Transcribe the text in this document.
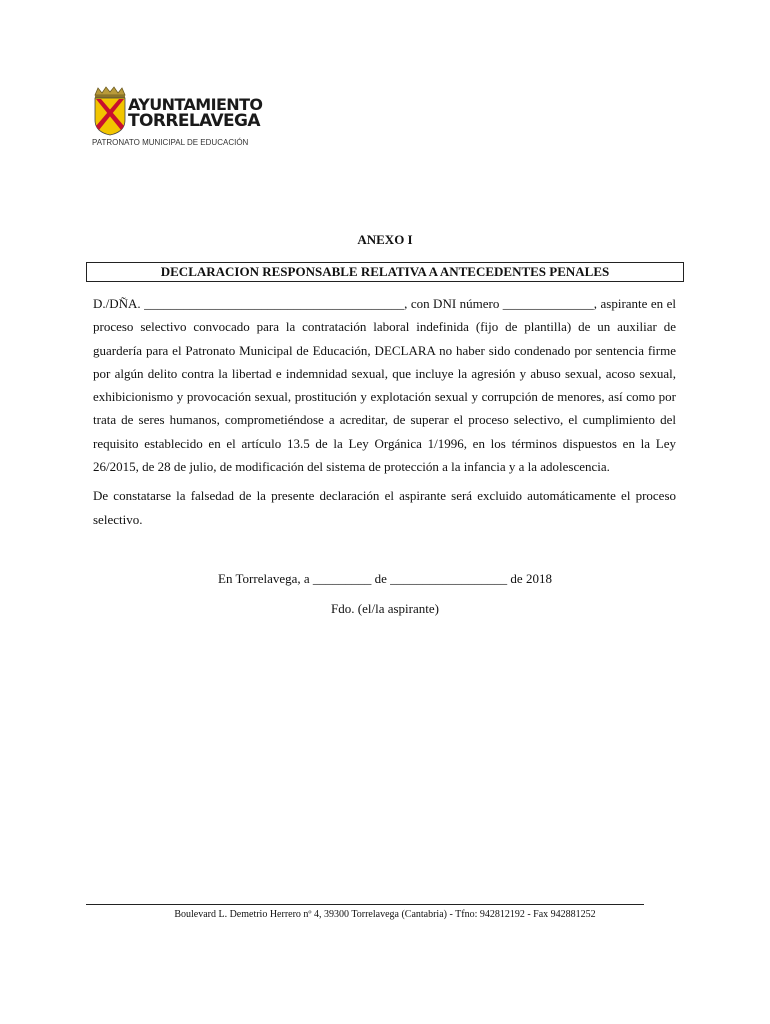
AYUNTAMIENTO
TORRELAVEGA
PATRONATO MUNICIPAL DE EDUCACIÓN
ANEXO I
DECLARACION RESPONSABLE RELATIVA A ANTECEDENTES PENALES

D./DÑA. ________________________________________, con DNI número ______________, aspirante en el proceso selectivo convocado para la contratación laboral indefinida (fijo de plantilla) de un auxiliar de guardería para el Patronato Municipal de Educación, DECLARA no haber sido condenado por sentencia firme por algún delito contra la libertad e indemnidad sexual, que incluye la agresión y abuso sexual, acoso sexual, exhibicionismo y provocación sexual, prostitución y explotación sexual y corrupción de menores, así como por trata de seres humanos, comprometiéndose a acreditar, de superar el proceso selectivo, el cumplimiento del requisito establecido en el artículo 13.5 de la Ley Orgánica 1/1996, en los términos dispuestos en la Ley 26/2015, de 28 de julio, de modificación del sistema de protección a la infancia y a la adolescencia.

De constatarse la falsedad de la presente declaración el aspirante será excluido automáticamente el proceso selectivo.

En Torrelavega, a _________ de __________________ de 2018
Fdo. (el/la aspirante)
Boulevard L. Demetrio Herrero nº 4, 39300 Torrelavega (Cantabria) - Tfno: 942812192 - Fax 942881252
